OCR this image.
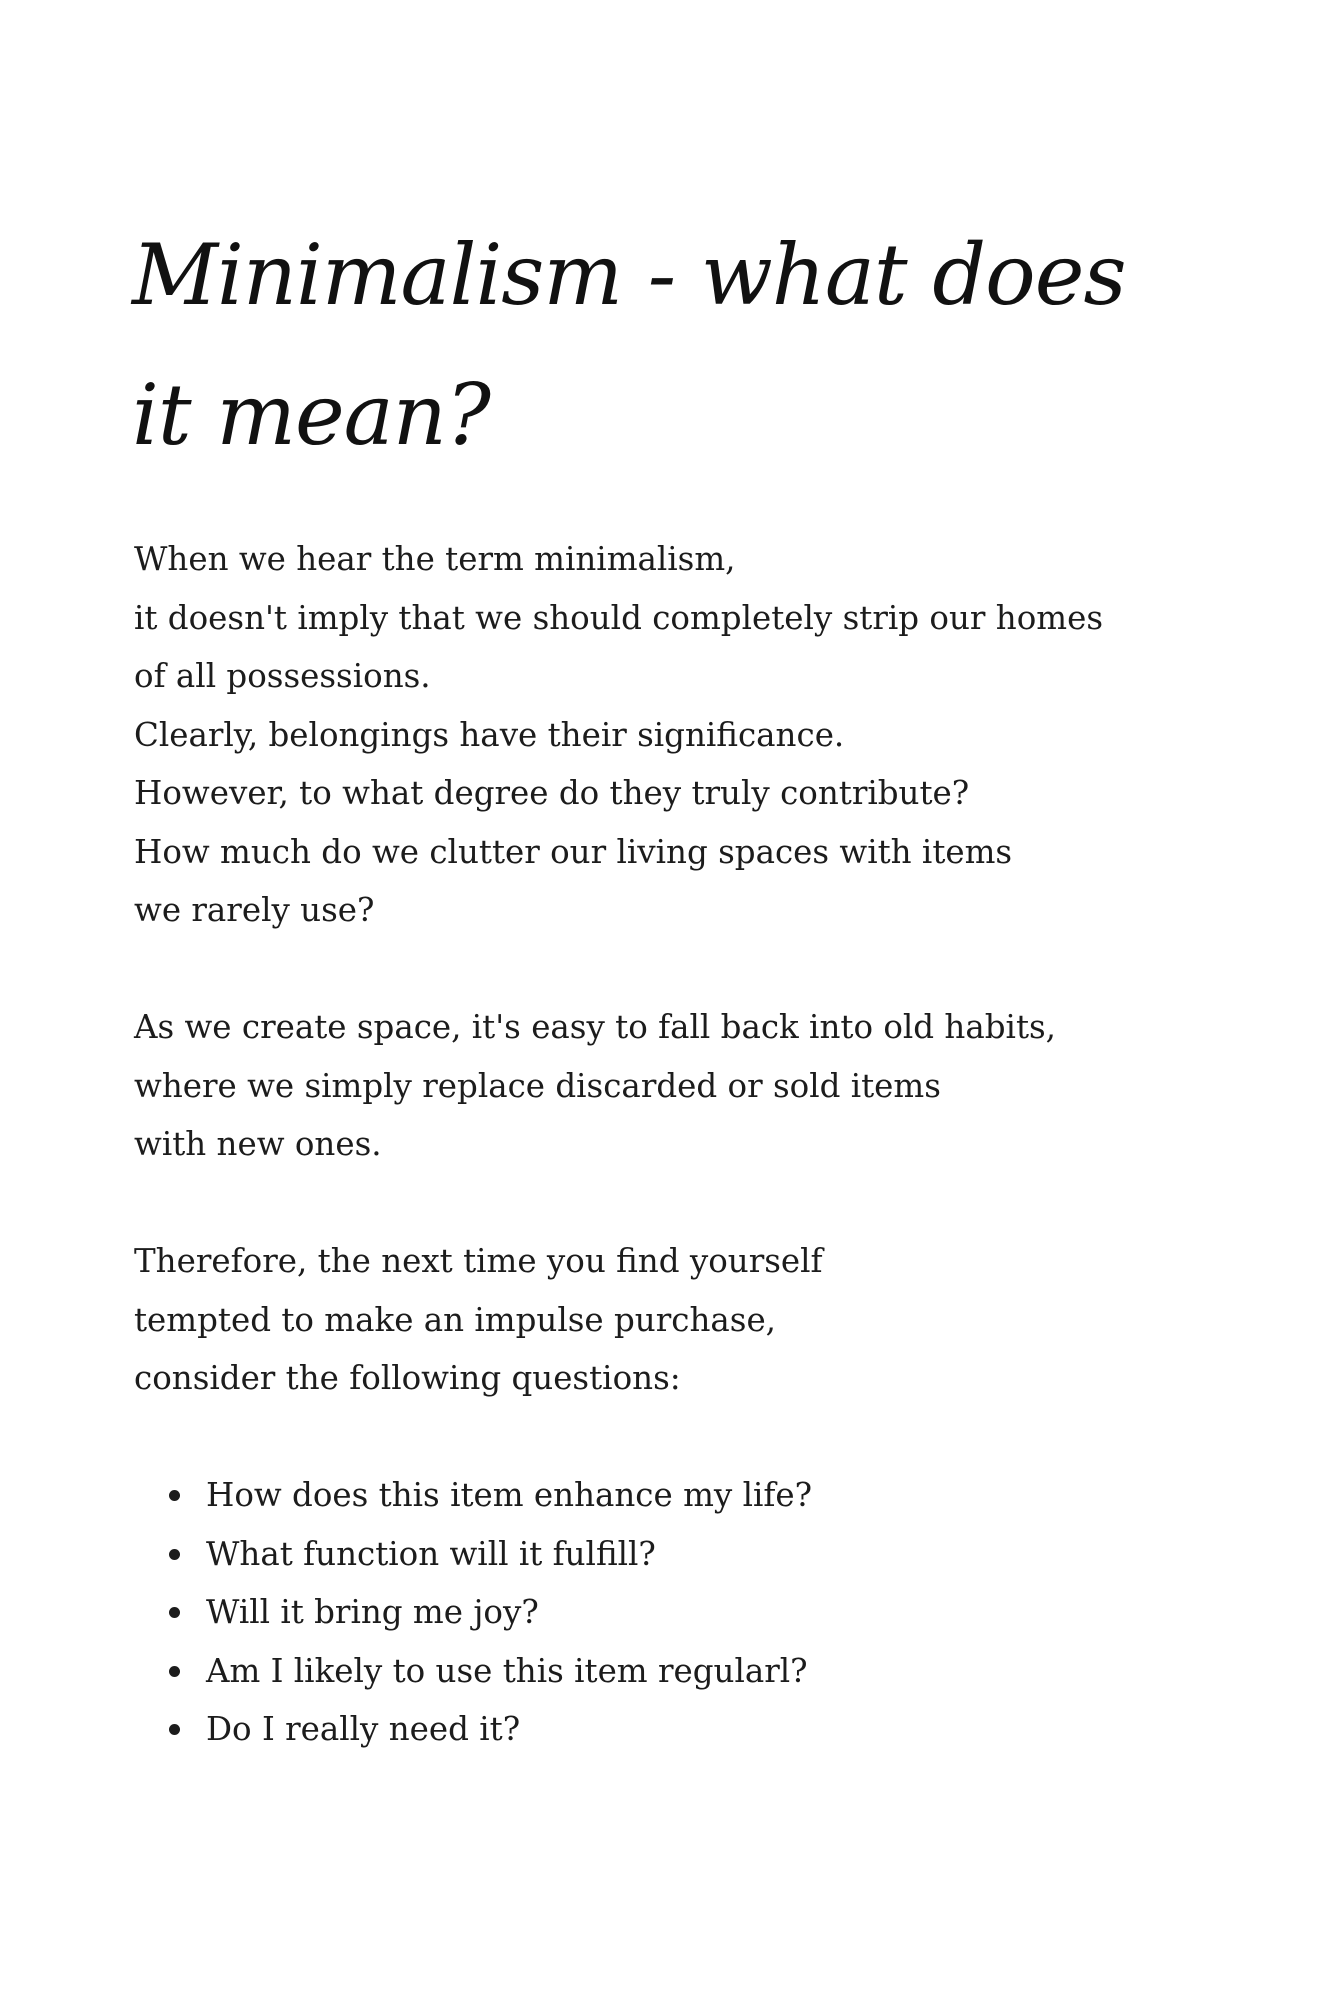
Minimalism - what does
it mean?
When we hear the term minimalism,
it doesn't imply that we should completely strip our homes
of all possessions.
Clearly, belongings have their significance.
However, to what degree do they truly contribute?
How much do we clutter our living spaces with items
we rarely use?
As we create space, it's easy to fall back into old habits,
where we simply replace discarded or sold items
with new ones.
Therefore, the next time you find yourself
tempted to make an impulse purchase,
consider the following questions:
How does this item enhance my life?
What function will it fulfill?
Will it bring me joy?
Am I likely to use this item regularl?
Do I really need it?
